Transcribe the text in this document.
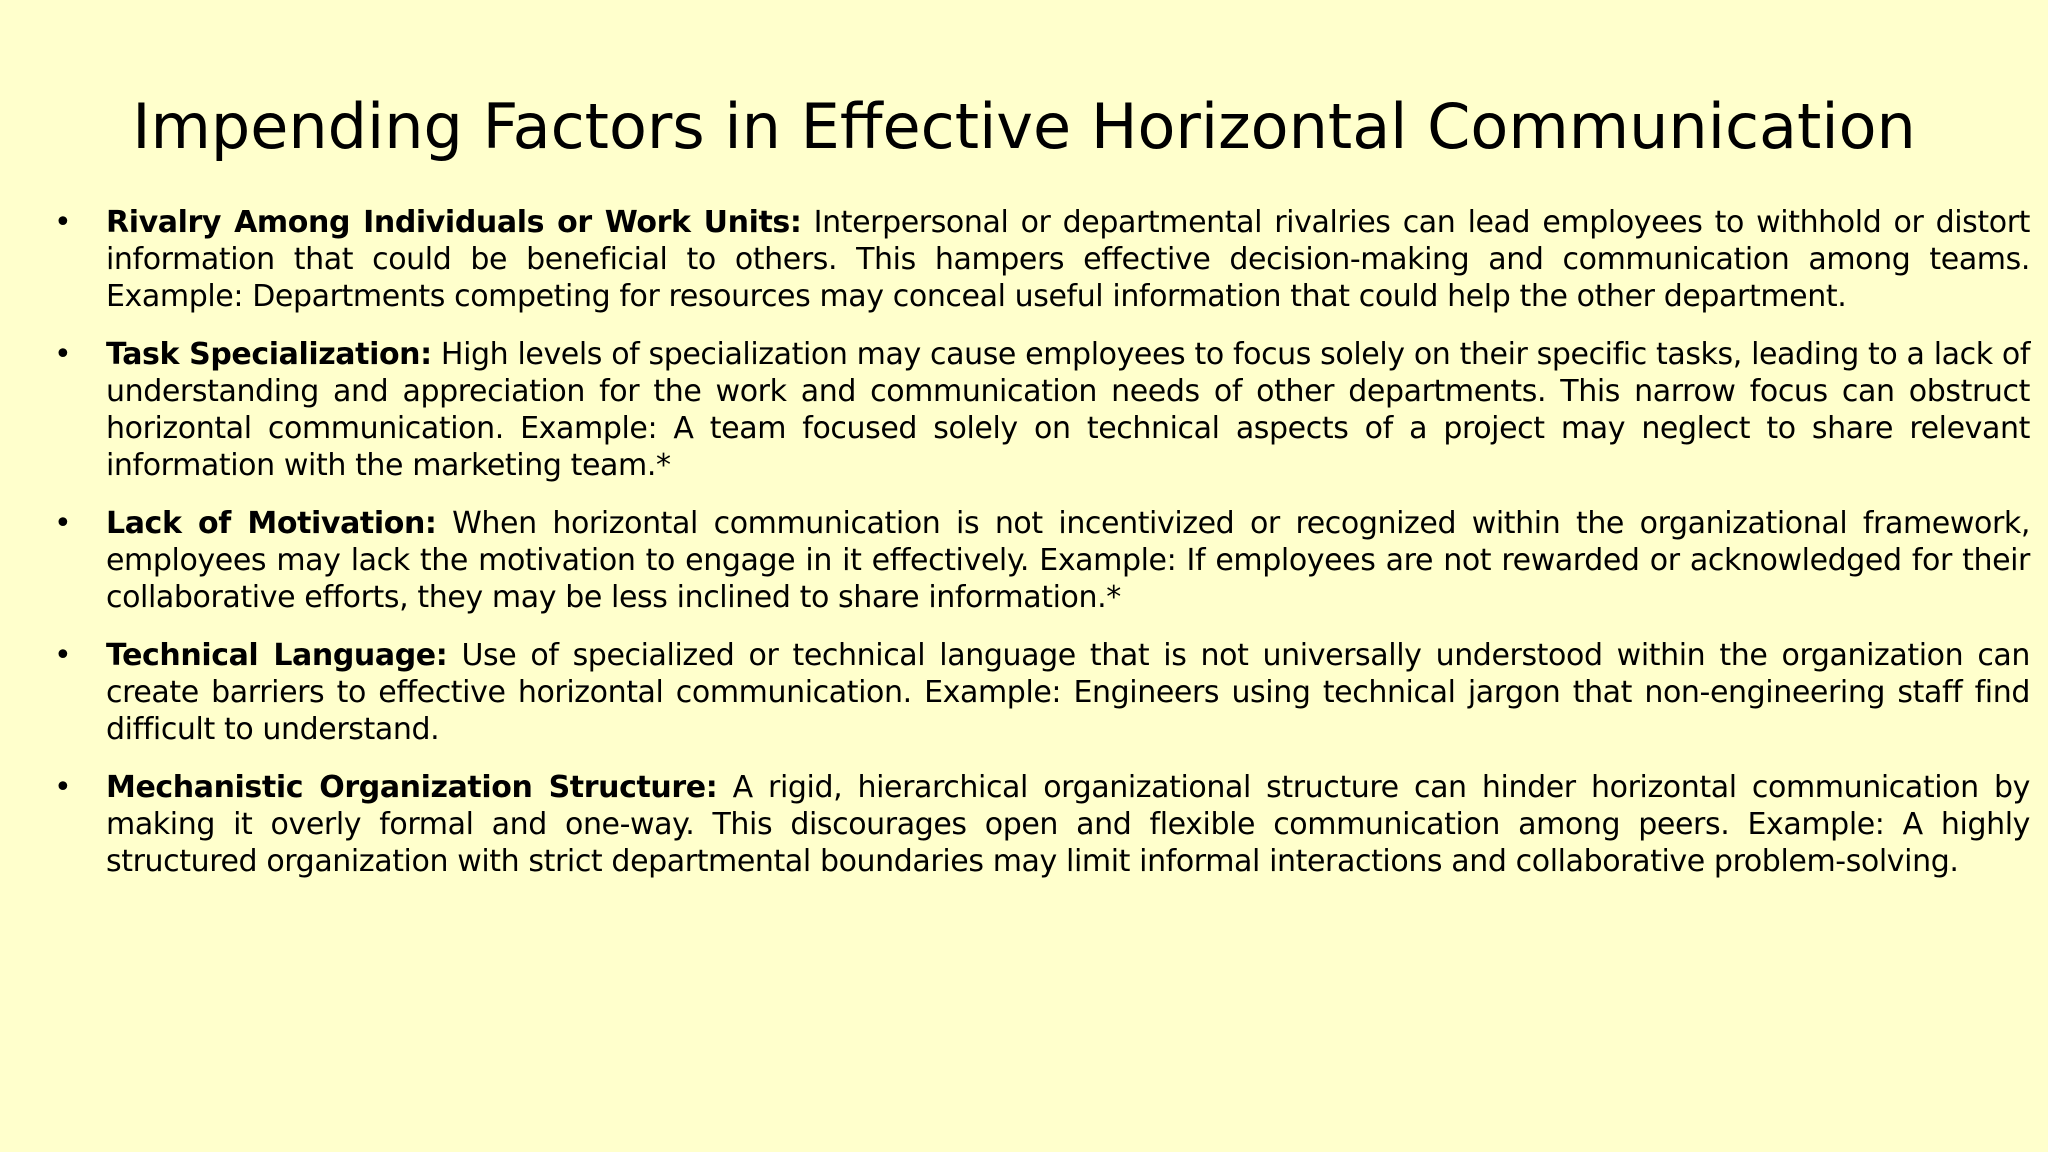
Impending Factors in Effective Horizontal Communication
• Rivalry Among Individuals or Work Units: Interpersonal or departmental rivalries can lead employees to withhold or distort information that could be beneficial to others. This hampers effective decision-making and communication among teams. Example: Departments competing for resources may conceal useful information that could help the other department.
• Task Specialization: High levels of specialization may cause employees to focus solely on their specific tasks, leading to a lack of understanding and appreciation for the work and communication needs of other departments. This narrow focus can obstruct horizontal communication. Example: A team focused solely on technical aspects of a project may neglect to share relevant information with the marketing team.*
• Lack of Motivation: When horizontal communication is not incentivized or recognized within the organizational framework, employees may lack the motivation to engage in it effectively. Example: If employees are not rewarded or acknowledged for their collaborative efforts, they may be less inclined to share information.*
• Technical Language: Use of specialized or technical language that is not universally understood within the organization can create barriers to effective horizontal communication. Example: Engineers using technical jargon that non-engineering staff find difficult to understand.
• Mechanistic Organization Structure: A rigid, hierarchical organizational structure can hinder horizontal communication by making it overly formal and one-way. This discourages open and flexible communication among peers. Example: A highly structured organization with strict departmental boundaries may limit informal interactions and collaborative problem-solving.
